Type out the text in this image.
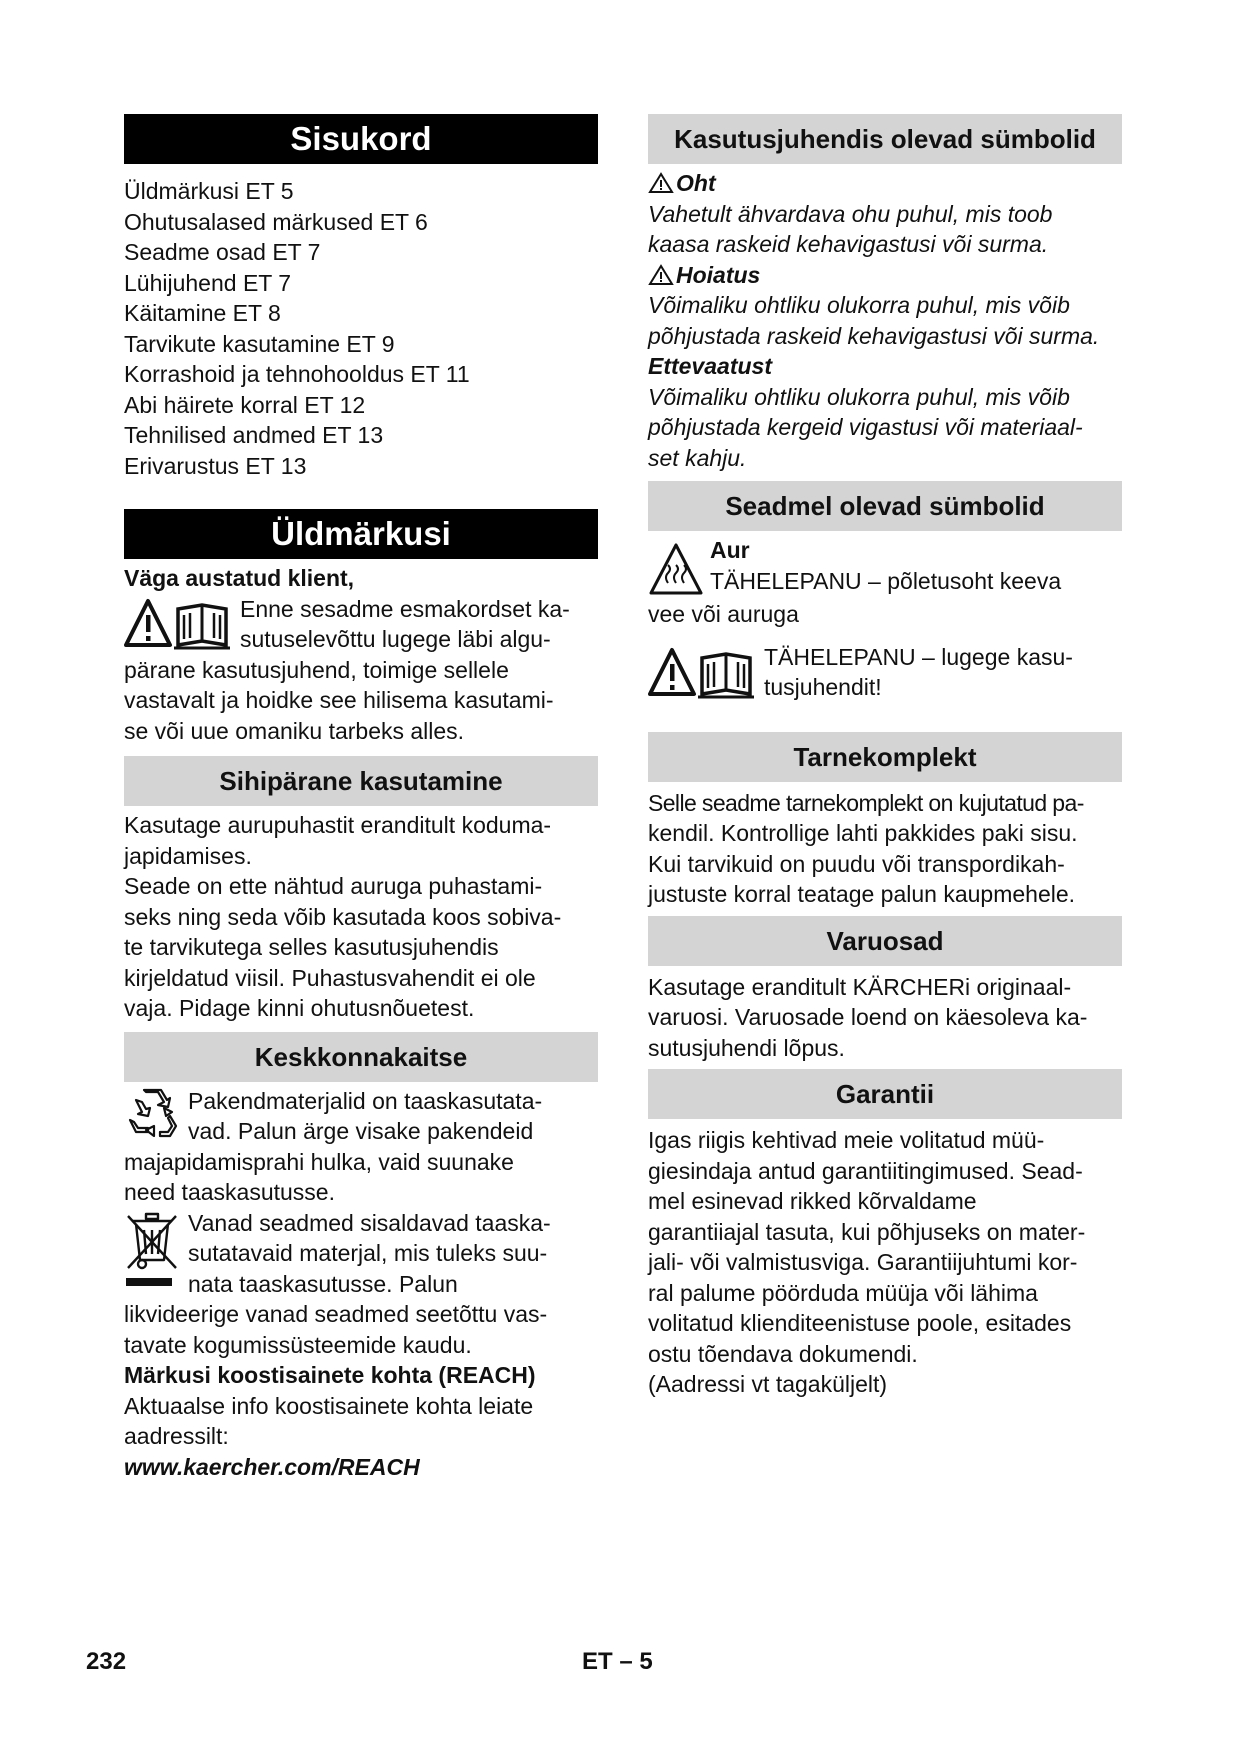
Sisukord

Üldmärkusi ET 5

Ohutusalased märkused ET 6

Seadme osad ET 7

Lühijuhend ET 7

Käitamine ET 8

Tarvikute kasutamine ET 9

Korrashoid ja tehnohooldus ET 11

Abi häirete korral ET 12

Tehnilised andmed ET 13

Erivarustus ET 13

Üldmärkusi

Väga austatud klient,

Enne sesadme esmakordset ka-

sutuselevõttu lugege läbi algu-

pärane kasutusjuhend, toimige sellele

vastavalt ja hoidke see hilisema kasutami-

se või uue omaniku tarbeks alles.

Sihipärane kasutamine

Kasutage aurupuhastit eranditult koduma-

japidamises.

Seade on ette nähtud auruga puhastami-

seks ning seda võib kasutada koos sobiva-

te tarvikutega selles kasutusjuhendis

kirjeldatud viisil. Puhastusvahendit ei ole

vaja. Pidage kinni ohutusnõuetest.

Keskkonnakaitse

Pakendmaterjalid on taaskasutata-

vad. Palun ärge visake pakendeid

majapidamisprahi hulka, vaid suunake

need taaskasutusse.

Vanad seadmed sisaldavad taaska-

sutatavaid materjal, mis tuleks suu-

nata taaskasutusse. Palun

likvideerige vanad seadmed seetõttu vas-

tavate kogumissüsteemide kaudu.

Märkusi koostisainete kohta (REACH)

Aktuaalse info koostisainete kohta leiate

aadressilt:

www.kaercher.com/REACH

Kasutusjuhendis olevad sümbolid

Oht

Vahetult ähvardava ohu puhul, mis toob

kaasa raskeid kehavigastusi või surma.

Hoiatus

Võimaliku ohtliku olukorra puhul, mis võib

põhjustada raskeid kehavigastusi või surma.

Ettevaatust

Võimaliku ohtliku olukorra puhul, mis võib

põhjustada kergeid vigastusi või materiaal-

set kahju.

Seadmel olevad sümbolid

Aur

TÄHELEPANU – põletusoht keeva

vee või auruga

TÄHELEPANU – lugege kasu-

tusjuhendit!

Tarnekomplekt

Selle seadme tarnekomplekt on kujutatud pa-

kendil. Kontrollige lahti pakkides paki sisu.

Kui tarvikuid on puudu või transpordikah-

justuste korral teatage palun kaupmehele.

Varuosad

Kasutage eranditult KÄRCHERi originaal-

varuosi. Varuosade loend on käesoleva ka-

sutusjuhendi lõpus.

Garantii

Igas riigis kehtivad meie volitatud müü-

giesindaja antud garantiitingimused. Sead-

mel esinevad rikked kõrvaldame

garantiiajal tasuta, kui põhjuseks on mater-

jali- või valmistusviga. Garantiijuhtumi kor-

ral palume pöörduda müüja või lähima

volitatud klienditeenistuse poole, esitades

ostu tõendava dokumendi.

(Aadressi vt tagaküljelt)

232	ET – 5
